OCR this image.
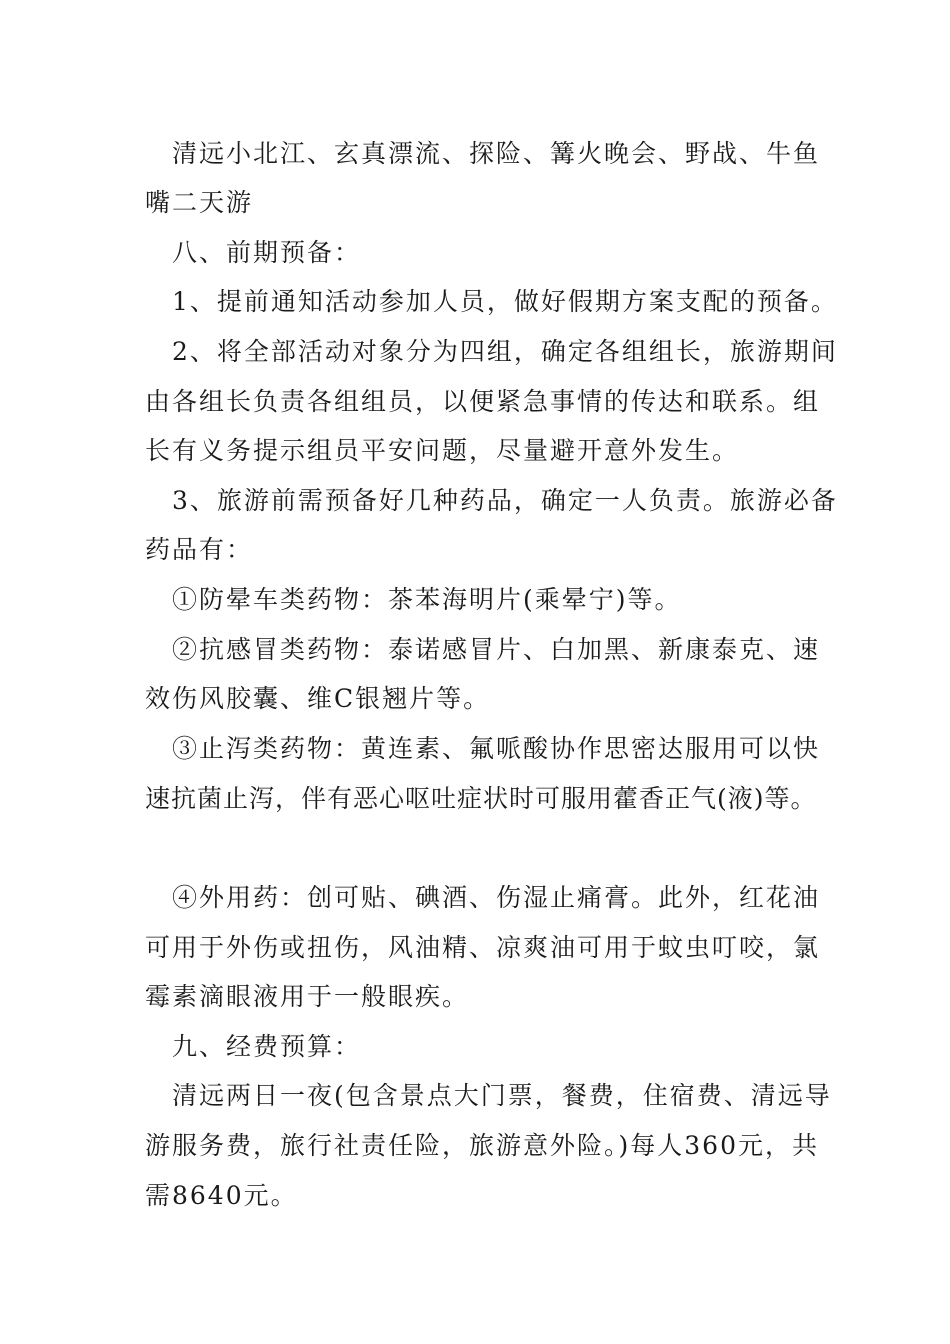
清远小北江、玄真漂流、探险、篝火晚会、野战、牛鱼
嘴二天游
八、前期预备：
1、提前通知活动参加人员，做好假期方案支配的预备。
2、将全部活动对象分为四组，确定各组组长，旅游期间
由各组长负责各组组员，以便紧急事情的传达和联系。组
长有义务提示组员平安问题，尽量避开意外发生。
3、旅游前需预备好几种药品，确定一人负责。旅游必备
药品有：
①防晕车类药物：茶苯海明片(乘晕宁)等。
②抗感冒类药物：泰诺感冒片、白加黑、新康泰克、速
效伤风胶囊、维C银翘片等。
③止泻类药物：黄连素、氟哌酸协作思密达服用可以快
速抗菌止泻，伴有恶心呕吐症状时可服用藿香正气(液)等。
④外用药：创可贴、碘酒、伤湿止痛膏。此外，红花油
可用于外伤或扭伤，风油精、凉爽油可用于蚊虫叮咬，氯
霉素滴眼液用于一般眼疾。
九、经费预算：
清远两日一夜(包含景点大门票，餐费，住宿费、清远导
游服务费，旅行社责任险，旅游意外险。)每人360元，共
需8640元。
